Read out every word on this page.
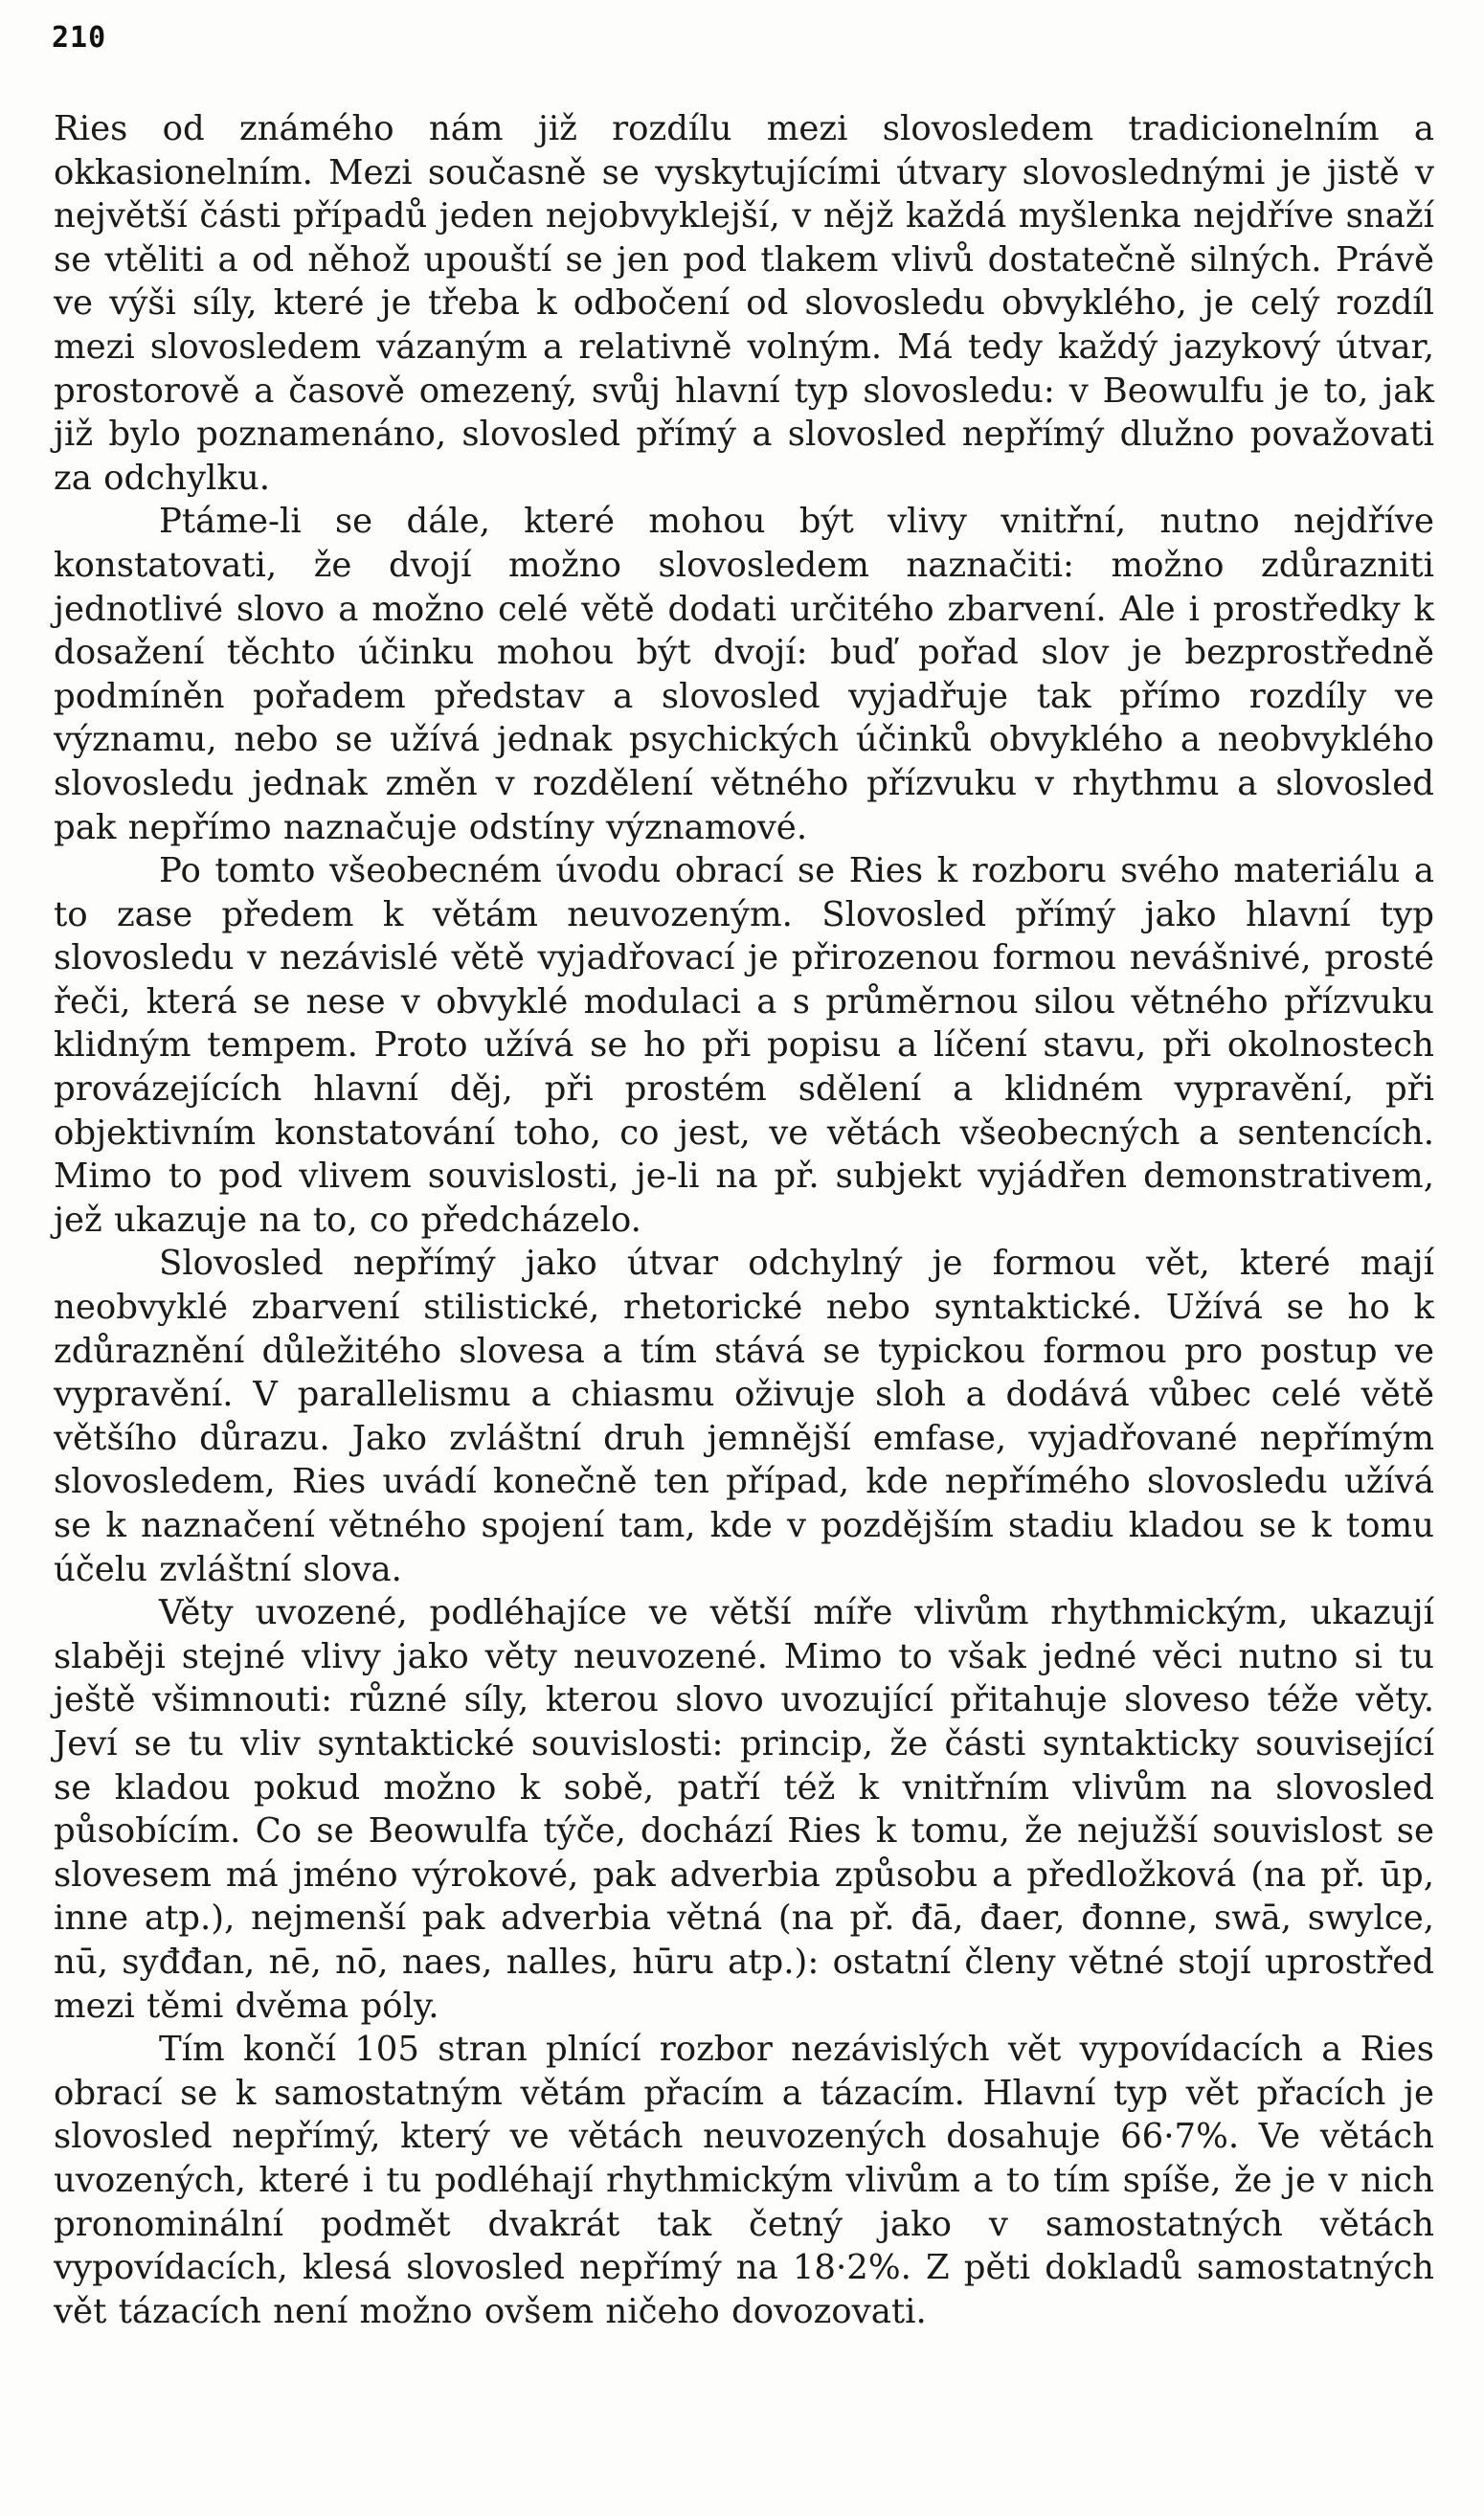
210

Ries od známého nám již rozdílu mezi slovosledem tradicionelním a okkasionelním. Mezi současně se vyskytujícími útvary slovoslednými je jistě v největší části případů jeden nejobvyklejší, v nějž každá myšlenka nejdříve snaží se vtěliti a od něhož upouští se jen pod tlakem vlivů dostatečně silných. Právě ve výši síly, které je třeba k odbočení od slovosledu obvyklého, je celý rozdíl mezi slovosledem vázaným a relativně volným. Má tedy každý jazykový útvar, prostorově a časově omezený, svůj hlavní typ slovosledu: v Beowulfu je to, jak již bylo poznamenáno, slovosled přímý a slovosled nepřímý dlužno považovati za odchylku.

Ptáme-li se dále, které mohou být vlivy vnitřní, nutno nejdříve konstatovati, že dvojí možno slovosledem naznačiti: možno zdůrazniti jednotlivé slovo a možno celé větě dodati určitého zbarvení. Ale i prostředky k dosažení těchto účinku mohou být dvojí: buď pořad slov je bezprostředně podmíněn pořadem představ a slovosled vyjadřuje tak přímo rozdíly ve významu, nebo se užívá jednak psychických účinků obvyklého a neobvyklého slovosledu jednak změn v rozdělení větného přízvuku v rhythmu a slovosled pak nepřímo naznačuje odstíny významové.

Po tomto všeobecném úvodu obrací se Ries k rozboru svého materiálu a to zase předem k větám neuvozeným. Slovosled přímý jako hlavní typ slovosledu v nezávislé větě vyjadřovací je přirozenou formou nevášnivé, prosté řeči, která se nese v obvyklé modulaci a s průměrnou silou větného přízvuku klidným tempem. Proto užívá se ho při popisu a líčení stavu, při okolnostech provázejících hlavní děj, při prostém sdělení a klidném vypravění, při objektivním konstatování toho, co jest, ve větách všeobecných a sentencích. Mimo to pod vlivem souvislosti, je-li na př. subjekt vyjádřen demonstrativem, jež ukazuje na to, co předcházelo.

Slovosled nepřímý jako útvar odchylný je formou vět, které mají neobvyklé zbarvení stilistické, rhetorické nebo syntaktické. Užívá se ho k zdůraznění důležitého slovesa a tím stává se typickou formou pro postup ve vypravění. V parallelismu a chiasmu oživuje sloh a dodává vůbec celé větě většího důrazu. Jako zvláštní druh jemnější emfase, vyjadřované nepřímým slovosledem, Ries uvádí konečně ten případ, kde nepřímého slovosledu užívá se k naznačení větného spojení tam, kde v pozdějším stadiu kladou se k tomu účelu zvláštní slova.

Věty uvozené, podléhajíce ve větší míře vlivům rhythmickým, ukazují slaběji stejné vlivy jako věty neuvozené. Mimo to však jedné věci nutno si tu ještě všimnouti: různé síly, kterou slovo uvozující přitahuje sloveso téže věty. Jeví se tu vliv syntaktické souvislosti: princip, že části syntakticky související se kladou pokud možno k sobě, patří též k vnitřním vlivům na slovosled působícím. Co se Beowulfa týče, dochází Ries k tomu, že nejužší souvislost se slovesem má jméno výrokové, pak adverbia způsobu a předložková (na př. ūp, inne atp.), nejmenší pak adverbia větná (na př. đā, đaer, đonne, swā, swylce, nū, syđđan, nē, nō, naes, nalles, hūru atp.): ostatní členy větné stojí uprostřed mezi těmi dvěma póly.

Tím končí 105 stran plnící rozbor nezávislých vět vypovídacích a Ries obrací se k samostatným větám přacím a tázacím. Hlavní typ vět přacích je slovosled nepřímý, který ve větách neuvozených dosahuje 66·7%. Ve větách uvozených, které i tu podléhají rhythmickým vlivům a to tím spíše, že je v nich pronominální podmět dvakrát tak četný jako v samostatných větách vypovídacích, klesá slovosled nepřímý na 18·2%. Z pěti dokladů samostatných vět tázacích není možno ovšem ničeho dovozovati.
